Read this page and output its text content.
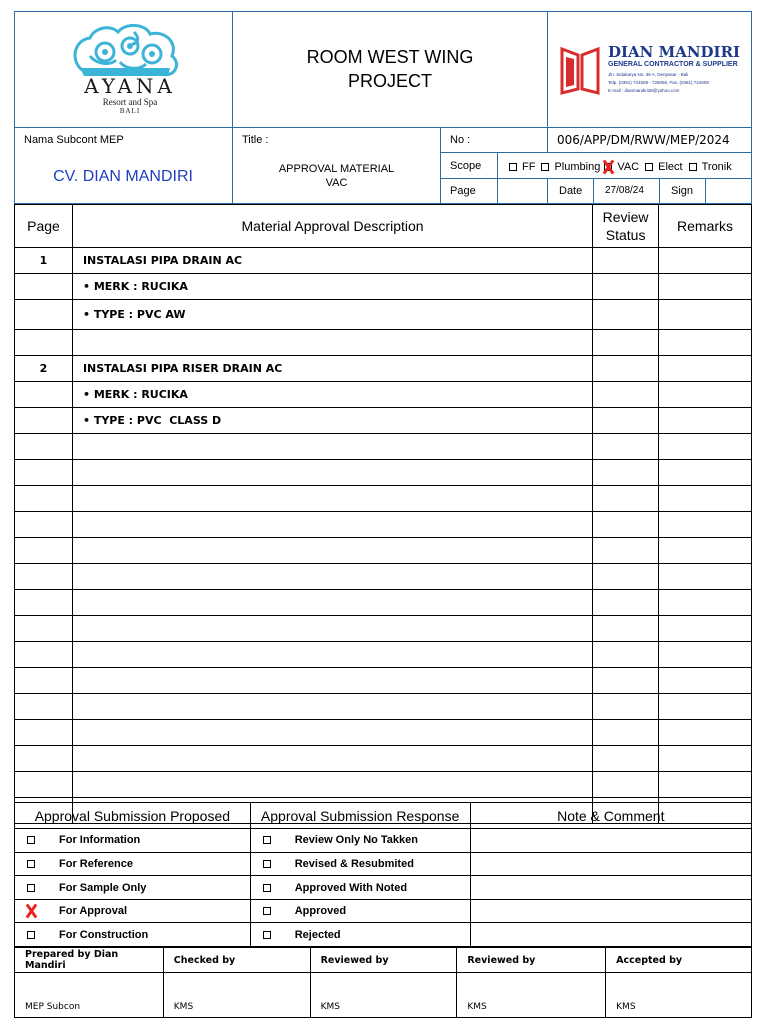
AYANA
Resort and Spa
BALI
ROOM WEST WING
PROJECT
DIAN MANDIRI
GENERAL CONTRACTOR & SUPPLIER
Jln. Sidakarya No. 38 A, Denpasar - Bali
Telp. (0361) 724508 - 726066, Fax. (0361) 724509
E-mail : dianmandiri38@yahoo.com
Nama Subcont MEP
CV. DIAN MANDIRI
Title :
APPROVAL MATERIAL
VAC
No :	006/APP/DM/RWW/MEP/2024
Scope	FF Plumbing VAC Elect Tronik
Page	Date 27/08/24 Sign
Page	Material Approval Description	Review
Status	Remarks
1	INSTALASI PIPA DRAIN AC		
	• MERK : RUCIKA		
	• TYPE : PVC AW		

2	INSTALASI PIPA RISER DRAIN AC		
	• MERK : RUCIKA		
	• TYPE : PVC  CLASS D		

Approval Submission Proposed	Approval Submission Response	Note & Comment
For Information	Review Only No Takken	
For Reference	Revised & Resubmited	
For Sample Only	Approved With Noted	
For Approval	Approved	
For Construction	Rejected	
Prepared by Dian Mandiri	Checked by	Reviewed by	Reviewed by	Accepted by
MEP Subcon	KMS	KMS	KMS	KMS
